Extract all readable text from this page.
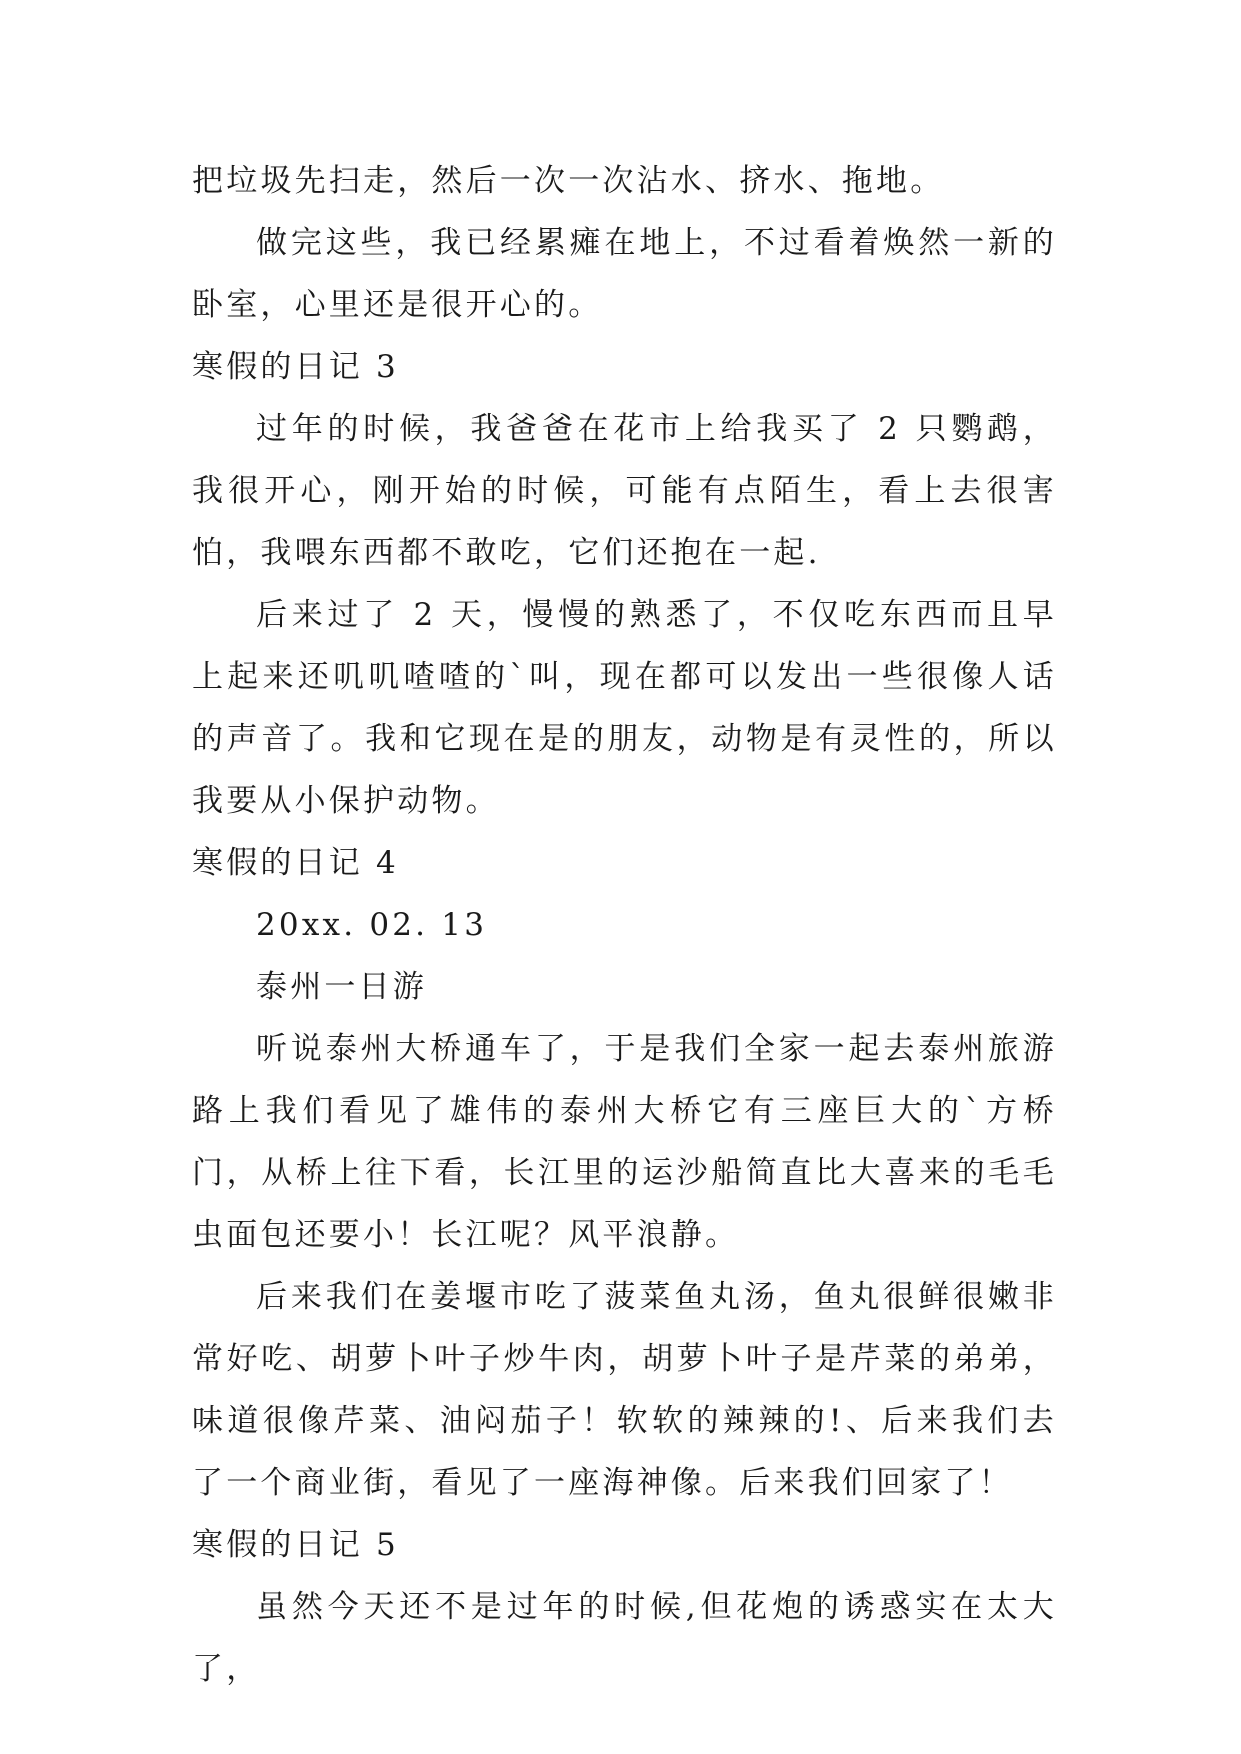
把垃圾先扫走，然后一次一次沾水、挤水、拖地。

做完这些，我已经累瘫在地上，不过看着焕然一新的卧室，心里还是很开心的。

寒假的日记 3

过年的时候，我爸爸在花市上给我买了 2 只鹦鹉，我很开心，刚开始的时候，可能有点陌生，看上去很害怕，我喂东西都不敢吃，它们还抱在一起.

后来过了 2 天，慢慢的熟悉了，不仅吃东西而且早上起来还叽叽喳喳的`叫，现在都可以发出一些很像人话的声音了。我和它现在是的朋友，动物是有灵性的，所以我要从小保护动物。

寒假的日记 4

20xx. 02. 13

泰州一日游

听说泰州大桥通车了，于是我们全家一起去泰州旅游路上我们看见了雄伟的泰州大桥它有三座巨大的`方桥门，从桥上往下看，长江里的运沙船简直比大喜来的毛毛虫面包还要小！长江呢？风平浪静。

后来我们在姜堰市吃了菠菜鱼丸汤，鱼丸很鲜很嫩非常好吃、胡萝卜叶子炒牛肉，胡萝卜叶子是芹菜的弟弟，味道很像芹菜、油闷茄子！软软的辣辣的!、后来我们去了一个商业街，看见了一座海神像。后来我们回家了！

寒假的日记 5

虽然今天还不是过年的时候,但花炮的诱惑实在太大了，
